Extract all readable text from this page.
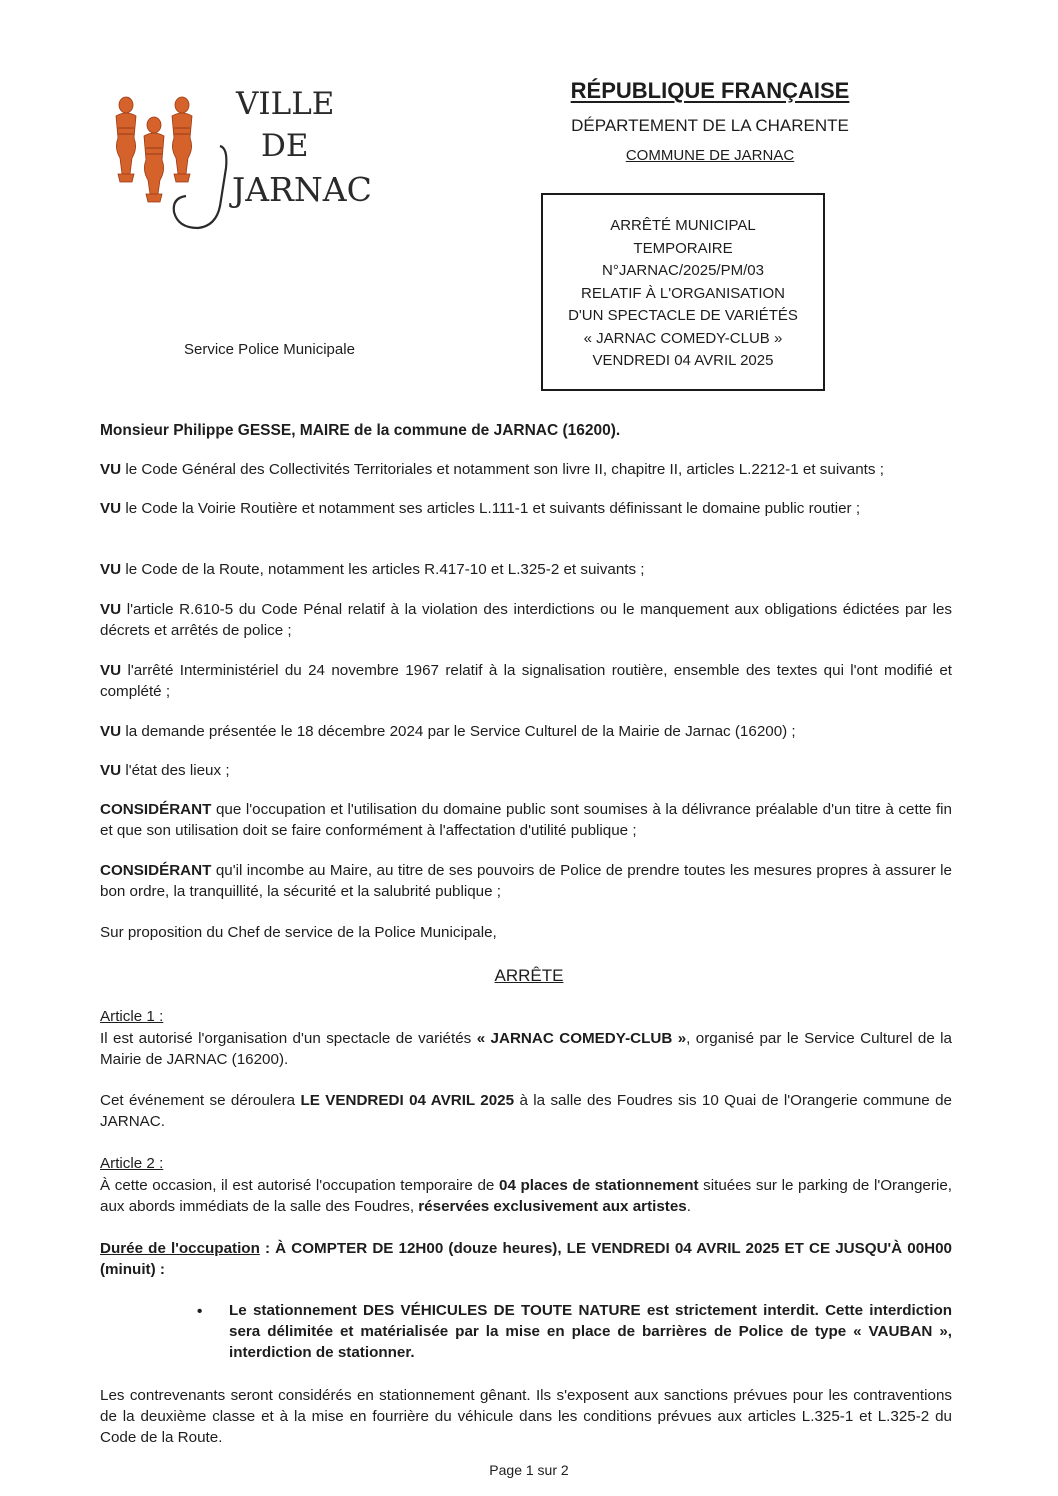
VILLE
DE
JARNAC
RÉPUBLIQUE FRANÇAISE
DÉPARTEMENT DE LA CHARENTE
COMMUNE DE JARNAC
ARRÊTÉ MUNICIPAL
TEMPORAIRE
N°JARNAC/2025/PM/03
RELATIF À L'ORGANISATION
D'UN SPECTACLE DE VARIÉTÉS
« JARNAC COMEDY-CLUB »
VENDREDI 04 AVRIL 2025
Service Police Municipale
Monsieur Philippe GESSE, MAIRE de la commune de JARNAC (16200).
VU le Code Général des Collectivités Territoriales et notamment son livre II, chapitre II, articles L.2212-1 et suivants ;
VU le Code la Voirie Routière et notamment ses articles L.111-1 et suivants définissant le domaine public routier ;
VU le Code de la Route, notamment les articles R.417-10 et L.325-2 et suivants ;
VU l'article R.610-5 du Code Pénal relatif à la violation des interdictions ou le manquement aux obligations édictées par les décrets et arrêtés de police ;
VU l'arrêté Interministériel du 24 novembre 1967 relatif à la signalisation routière, ensemble des textes qui l'ont modifié et complété ;
VU la demande présentée le 18 décembre 2024 par le Service Culturel de la Mairie de Jarnac (16200) ;
VU l'état des lieux ;
CONSIDÉRANT que l'occupation et l'utilisation du domaine public sont soumises à la délivrance préalable d'un titre à cette fin et que son utilisation doit se faire conformément à l'affectation d'utilité publique ;
CONSIDÉRANT qu'il incombe au Maire, au titre de ses pouvoirs de Police de prendre toutes les mesures propres à assurer le bon ordre, la tranquillité, la sécurité et la salubrité publique ;
Sur proposition du Chef de service de la Police Municipale,
ARRÊTE
Article 1 :
Il est autorisé l'organisation d'un spectacle de variétés « JARNAC COMEDY-CLUB », organisé par le Service Culturel de la Mairie de JARNAC (16200).
Cet événement se déroulera LE VENDREDI 04 AVRIL 2025 à la salle des Foudres sis 10 Quai de l'Orangerie commune de JARNAC.
Article 2 :
À cette occasion, il est autorisé l'occupation temporaire de 04 places de stationnement situées sur le parking de l'Orangerie, aux abords immédiats de la salle des Foudres, réservées exclusivement aux artistes.
Durée de l'occupation : À COMPTER DE 12H00 (douze heures), LE VENDREDI 04 AVRIL 2025 ET CE JUSQU'À 00H00 (minuit) :
• Le stationnement DES VÉHICULES DE TOUTE NATURE est strictement interdit. Cette interdiction sera délimitée et matérialisée par la mise en place de barrières de Police de type « VAUBAN », interdiction de stationner.
Les contrevenants seront considérés en stationnement gênant. Ils s'exposent aux sanctions prévues pour les contraventions de la deuxième classe et à la mise en fourrière du véhicule dans les conditions prévues aux articles L.325-1 et L.325-2 du Code de la Route.
Page 1 sur 2
